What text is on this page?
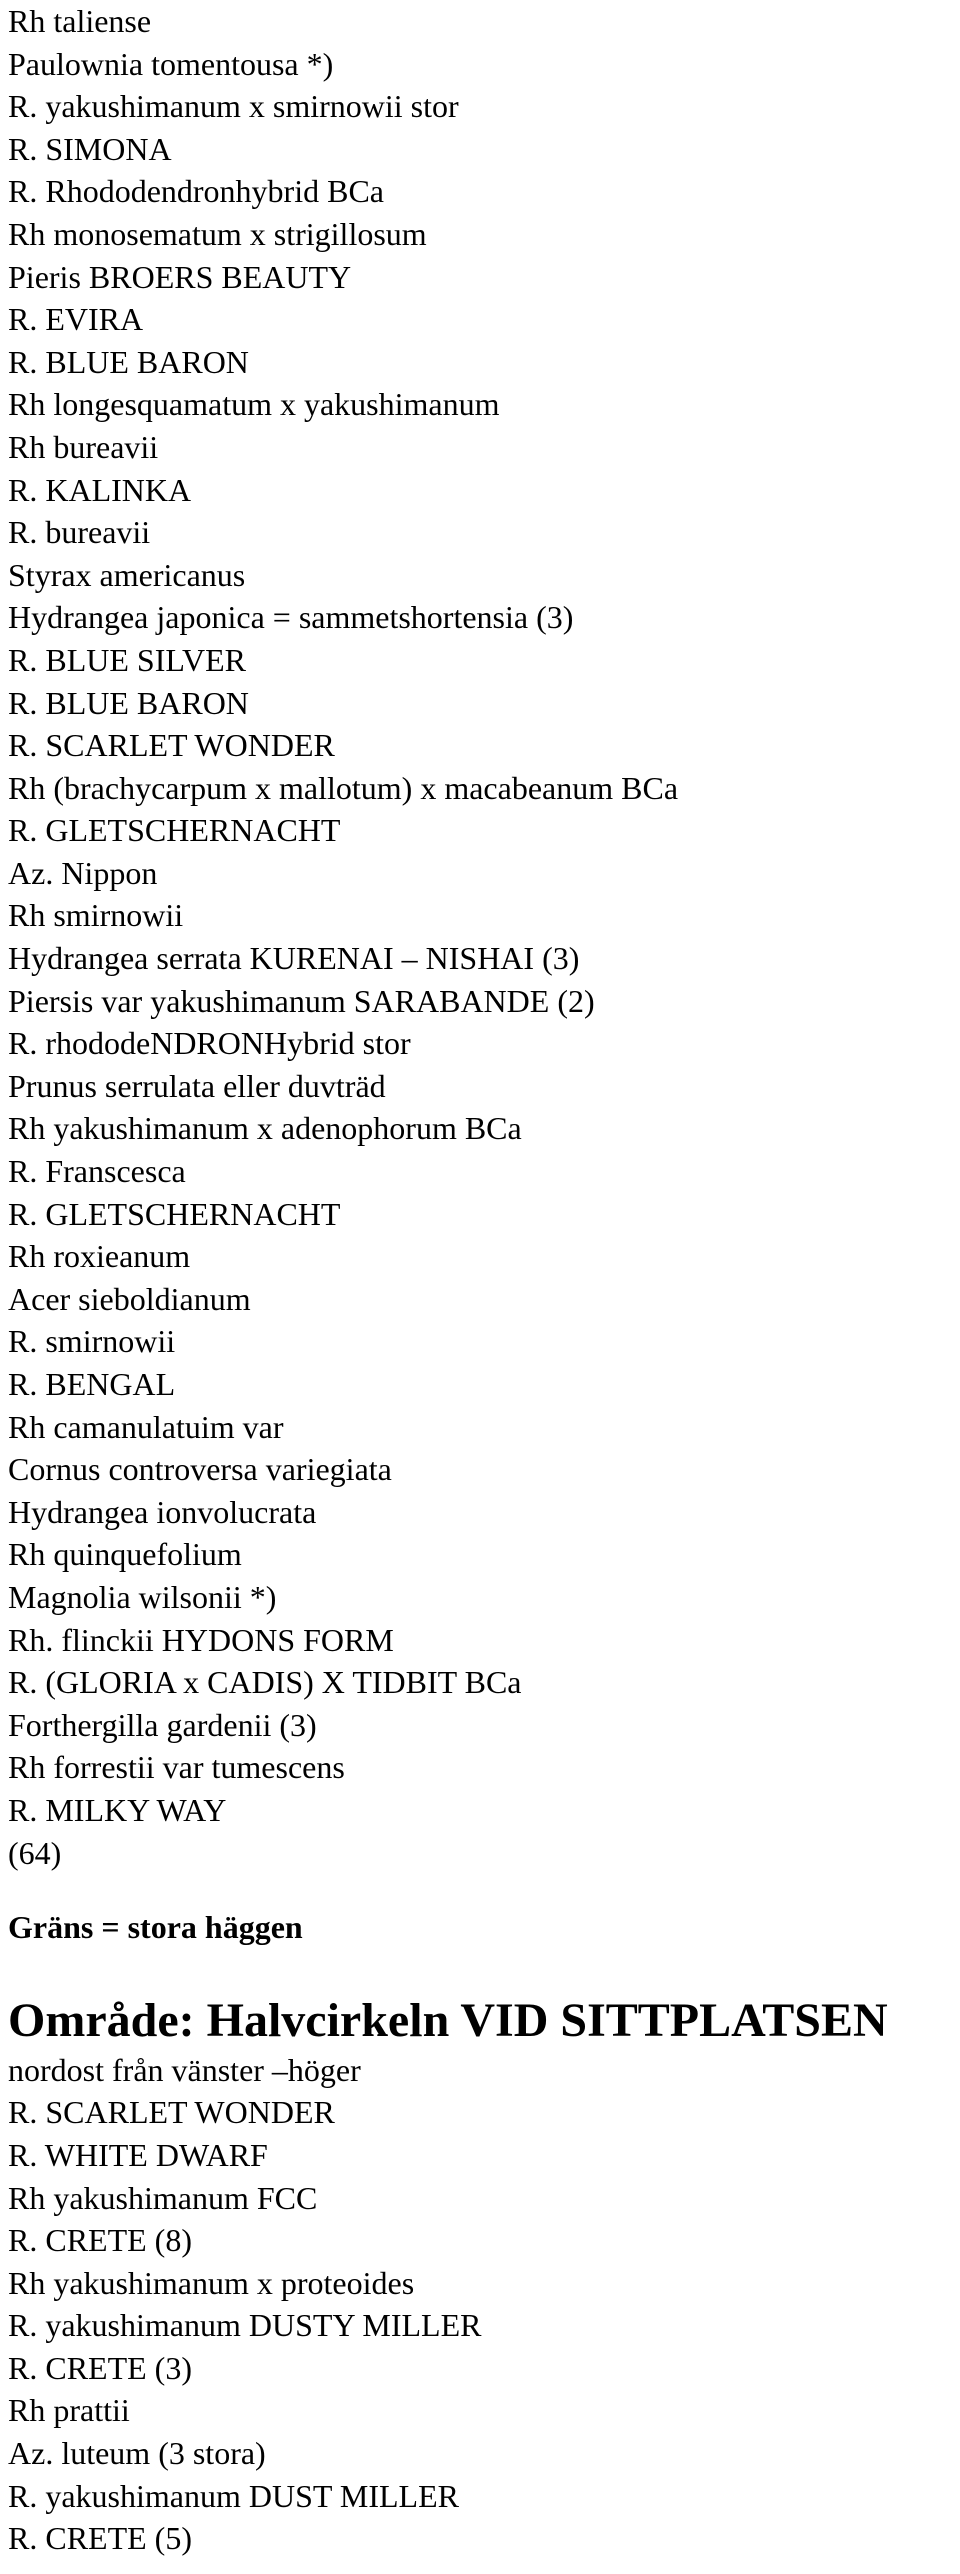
Rh taliense
Paulownia tomentousa *)
R. yakushimanum x smirnowii stor
R. SIMONA
R. Rhododendronhybrid BCa
Rh monosematum x strigillosum
Pieris BROERS BEAUTY
R. EVIRA
R. BLUE BARON
Rh longesquamatum x yakushimanum
Rh bureavii
R. KALINKA
R. bureavii
Styrax americanus
Hydrangea japonica = sammetshortensia (3)
R. BLUE SILVER
R. BLUE BARON
R. SCARLET WONDER
Rh (brachycarpum x mallotum) x macabeanum BCa
R. GLETSCHERNACHT
Az. Nippon
Rh smirnowii
Hydrangea serrata KURENAI – NISHAI (3)
Piersis var yakushimanum SARABANDE (2)
R. rhododeNDRONHybrid stor
Prunus serrulata eller duvträd
Rh yakushimanum x adenophorum BCa
R. Franscesca
R. GLETSCHERNACHT
Rh roxieanum
Acer sieboldianum
R. smirnowii
R. BENGAL
Rh camanulatuim var
Cornus controversa variegiata
Hydrangea ionvolucrata
Rh quinquefolium
Magnolia wilsonii *)
Rh. flinckii HYDONS FORM
R. (GLORIA x CADIS) X TIDBIT BCa
Forthergilla gardenii (3)
Rh forrestii var tumescens
R. MILKY WAY
(64)
Gräns = stora häggen
Område: Halvcirkeln VID SITTPLATSEN
nordost från vänster –höger
R. SCARLET WONDER
R. WHITE DWARF
Rh yakushimanum FCC
R. CRETE (8)
Rh yakushimanum x proteoides
R. yakushimanum DUSTY MILLER
R. CRETE (3)
Rh prattii
Az. luteum (3 stora)
R. yakushimanum DUST MILLER
R. CRETE (5)
